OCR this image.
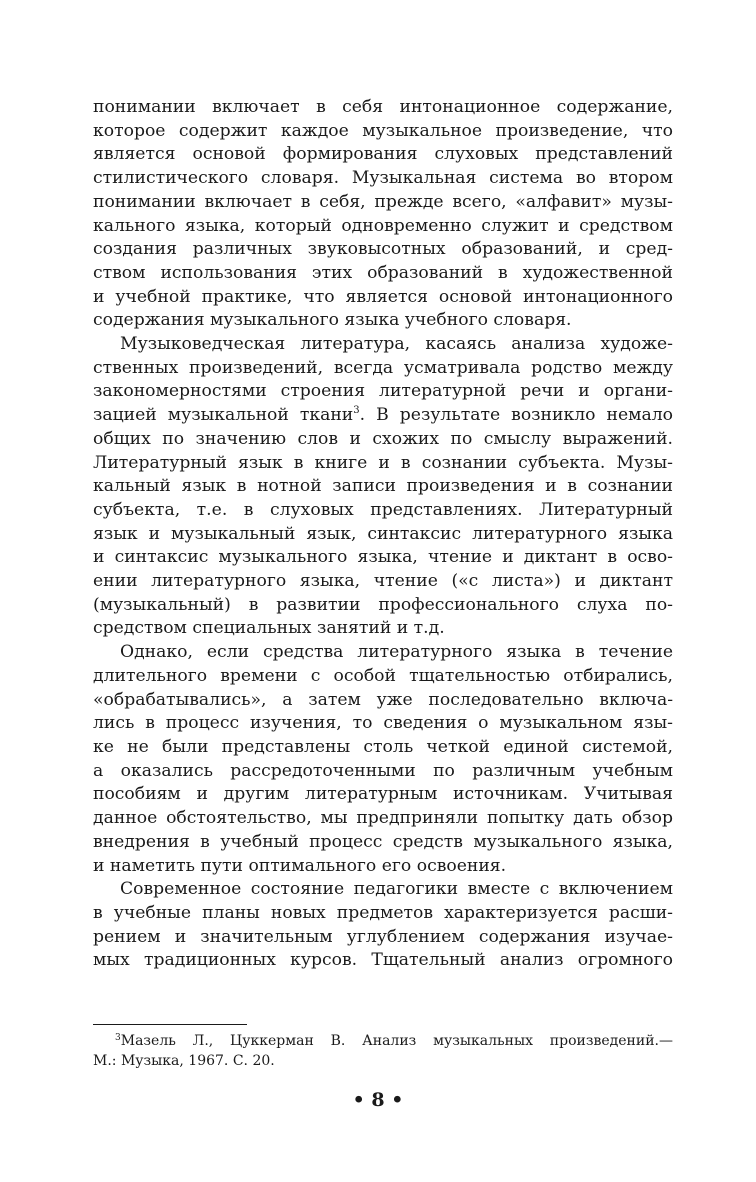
понимании включает в себя интонационное содержание,
которое содержит каждое музыкальное произведение, что
является основой формирования слуховых представлений
стилистического словаря. Музыкальная система во втором
понимании включает в себя, прежде всего, «алфавит» музы-
кального языка, который одновременно служит и средством
создания различных звуковысотных образований, и сред-
ством использования этих образований в художественной
и учебной практике, что является основой интонационного
содержания музыкального языка учебного словаря.

Музыковедческая литература, касаясь анализа художе-
ственных произведений, всегда усматривала родство между
закономерностями строения литературной речи и органи-
зацией музыкальной ткани$^3$. В результате возникло немало
общих по значению слов и схожих по смыслу выражений.
Литературный язык в книге и в сознании субъекта. Музы-
кальный язык в нотной записи произведения и в сознании
субъекта, т.е. в слуховых представлениях. Литературный
язык и музыкальный язык, синтаксис литературного языка
и синтаксис музыкального языка, чтение и диктант в осво-
ении литературного языка, чтение («с листа») и диктант
(музыкальный) в развитии профессионального слуха по-
средством специальных занятий и т.д.

Однако, если средства литературного языка в течение
длительного времени с особой тщательностью отбирались,
«обрабатывались», а затем уже последовательно включа-
лись в процесс изучения, то сведения о музыкальном язы-
ке не были представлены столь четкой единой системой,
а оказались рассредоточенными по различным учебным
пособиям и другим литературным источникам. Учитывая
данное обстоятельство, мы предприняли попытку дать обзор
внедрения в учебный процесс средств музыкального языка,
и наметить пути оптимального его освоения.

Современное состояние педагогики вместе с включением
в учебные планы новых предметов характеризуется расши-
рением и значительным углублением содержания изучае-
мых традиционных курсов. Тщательный анализ огромного

$^3$Мазель Л., Цуккерман В. Анализ музыкальных произведений.—
М.: Музыка, 1967. С. 20.
• 8 •
